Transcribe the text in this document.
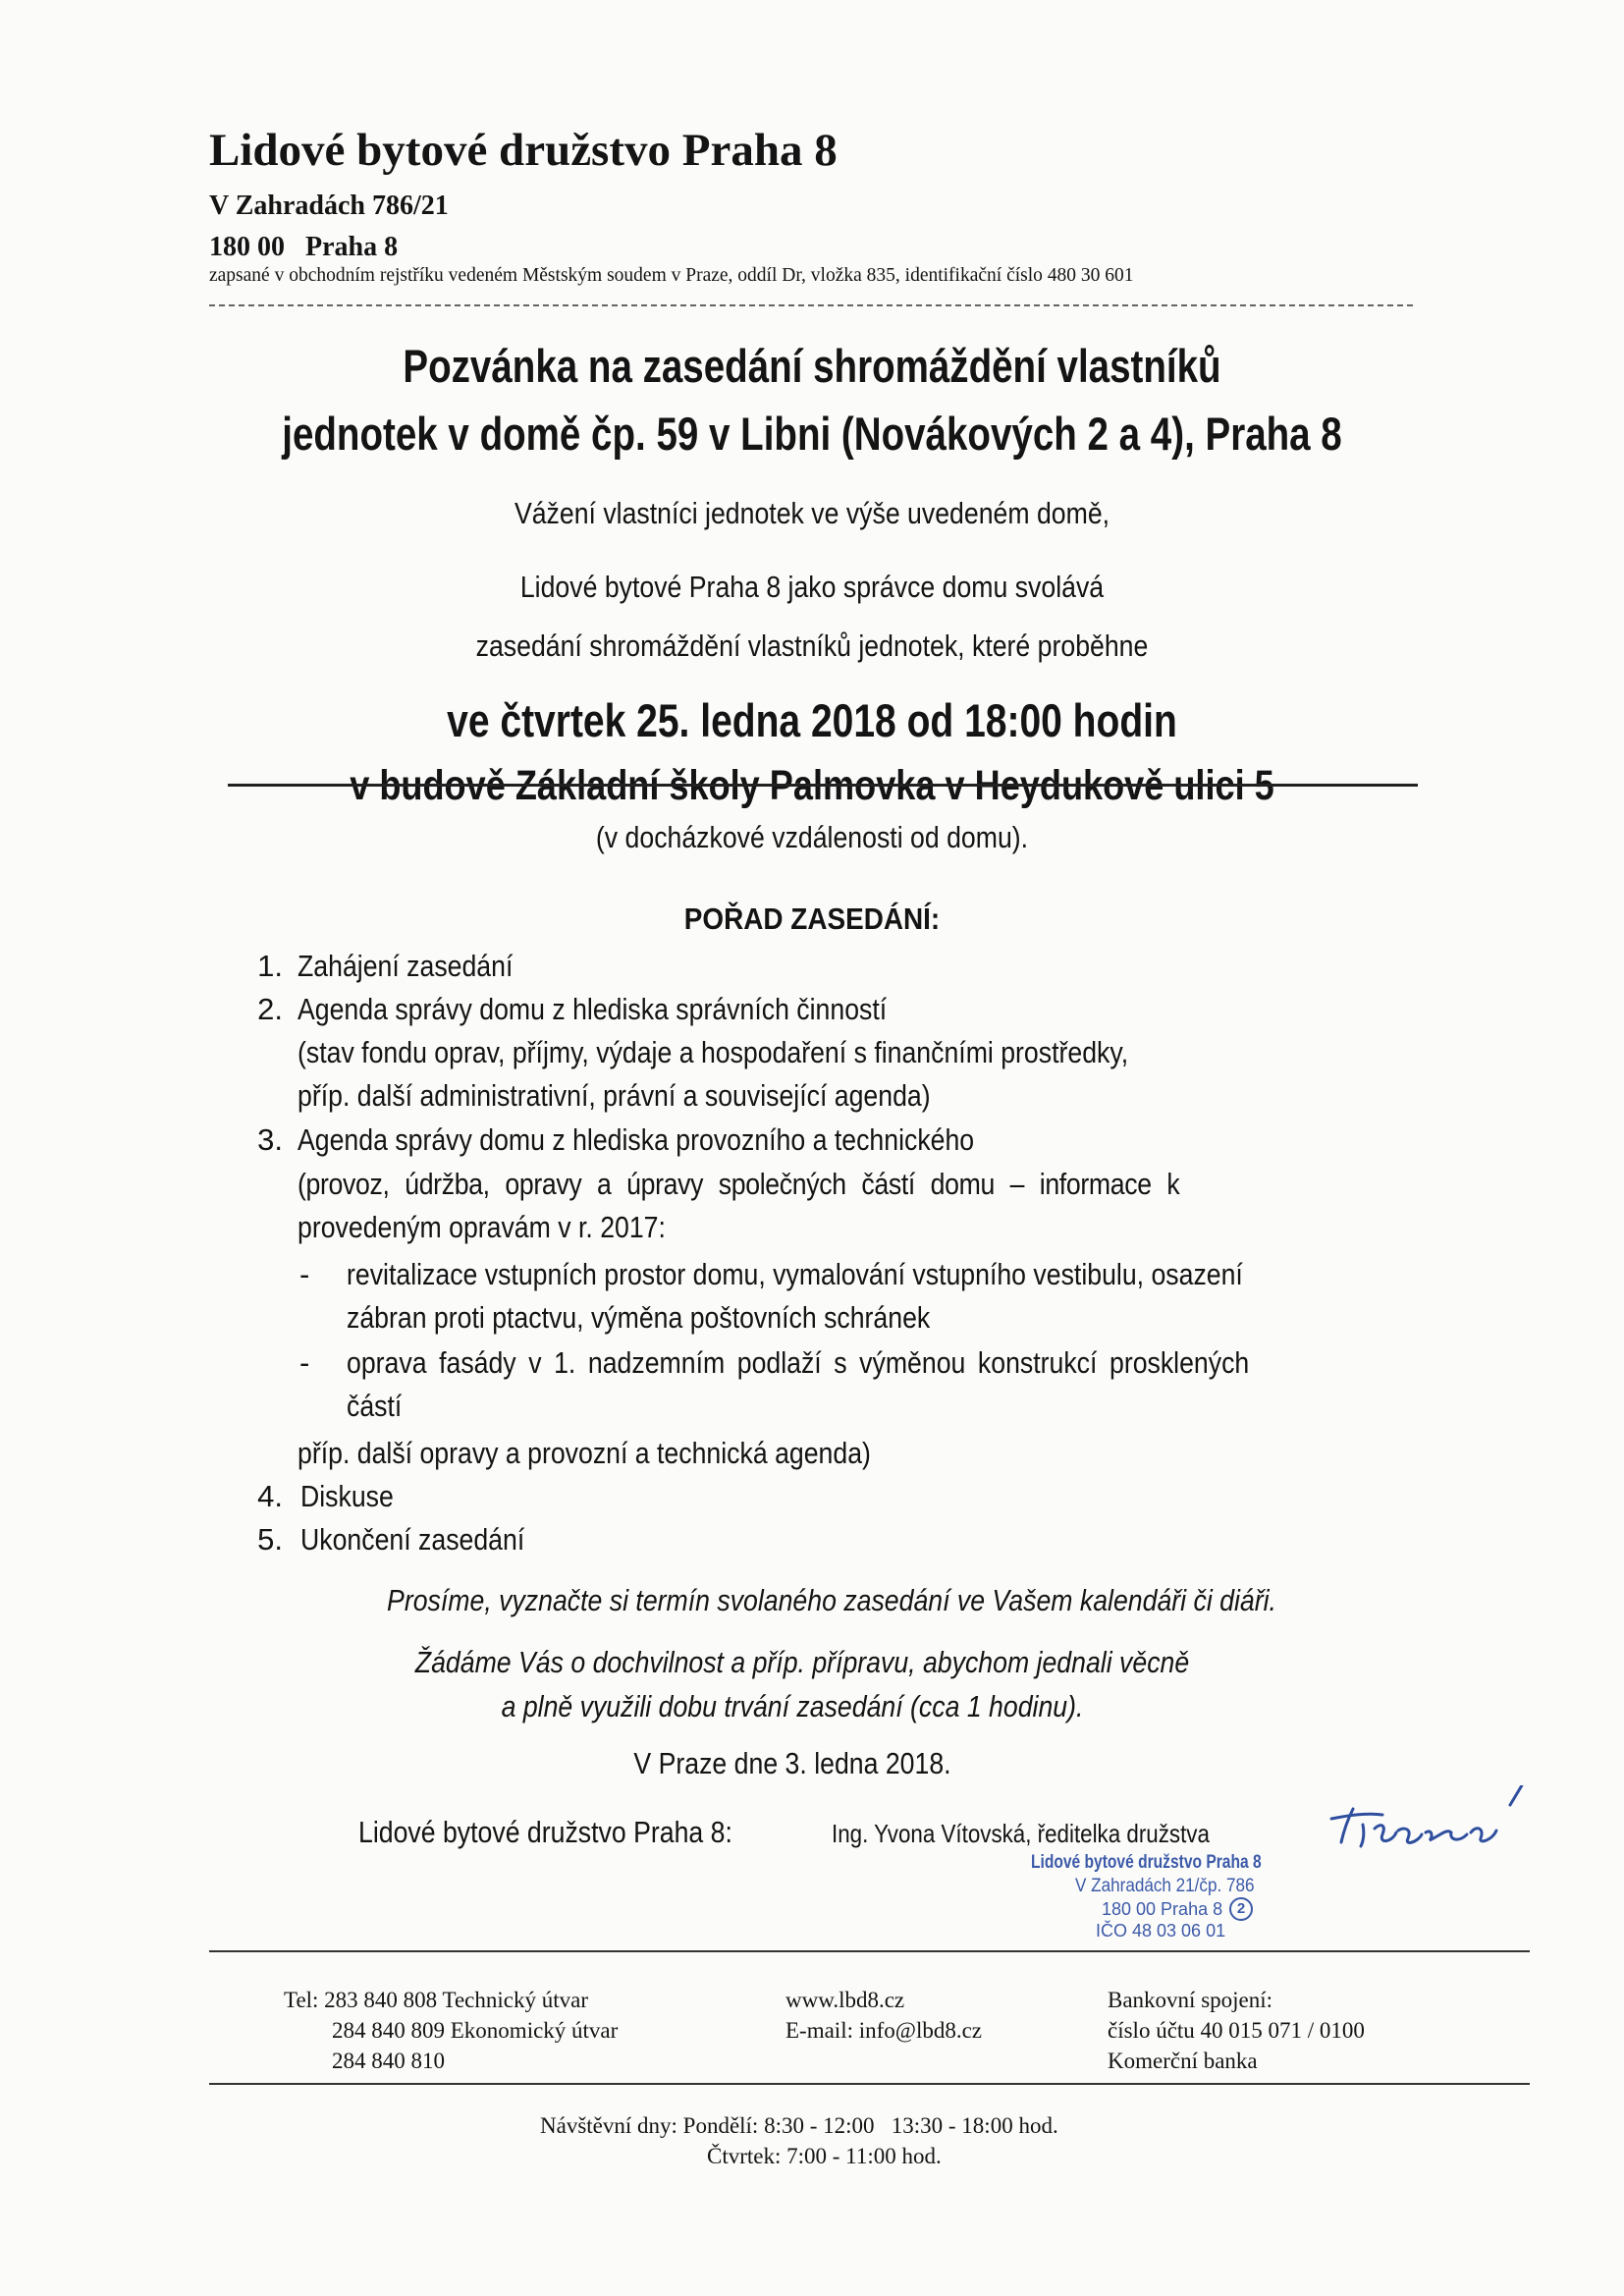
Lidové bytové družstvo Praha 8
V Zahradách 786/21
180 00   Praha 8
zapsané v obchodním rejstříku vedeném Městským soudem v Praze, oddíl Dr, vložka 835, identifikační číslo 480 30 601
Pozvánka na zasedání shromáždění vlastníků
jednotek v domě čp. 59 v Libni (Novákových 2 a 4), Praha 8
Vážení vlastníci jednotek ve výše uvedeném domě,
Lidové bytové Praha 8 jako správce domu svolává
zasedání shromáždění vlastníků jednotek, které proběhne
ve čtvrtek 25. ledna 2018 od 18:00 hodin
v budově Základní školy Palmovka v Heydukově ulici 5
(v docházkové vzdálenosti od domu).
POŘAD ZASEDÁNÍ:
1. Zahájení zasedání
2. Agenda správy domu z hlediska správních činností
(stav fondu oprav, příjmy, výdaje a hospodaření s finančními prostředky,
příp. další administrativní, právní a související agenda)
3. Agenda správy domu z hlediska provozního a technického
(provoz, údržba, opravy a úpravy společných částí domu – informace k
provedeným opravám v r. 2017:
- revitalizace vstupních prostor domu, vymalování vstupního vestibulu, osazení
zábran proti ptactvu, výměna poštovních schránek
- oprava fasády v 1. nadzemním podlaží s výměnou konstrukcí prosklených
částí
příp. další opravy a provozní a technická agenda)
4. Diskuse
5. Ukončení zasedání
Prosíme, vyznačte si termín svolaného zasedání ve Vašem kalendáři či diáři.
Žádáme Vás o dochvilnost a příp. přípravu, abychom jednali věcně
a plně využili dobu trvání zasedání (cca 1 hodinu).
V Praze dne 3. ledna 2018.
Lidové bytové družstvo Praha 8:	Ing. Yvona Vítovská, ředitelka družstva
Lidové bytové družstvo Praha 8
V Zahradách 21/čp. 786
180 00 Praha 8 2
IČO 48 03 06 01
Tel: 283 840 808 Technický útvar
284 840 809 Ekonomický útvar
284 840 810
www.lbd8.cz
E-mail: info@lbd8.cz
Bankovní spojení:
číslo účtu 40 015 071 / 0100
Komerční banka
Návštěvní dny: Pondělí: 8:30 - 12:00   13:30 - 18:00 hod.
Čtvrtek: 7:00 - 11:00 hod.
